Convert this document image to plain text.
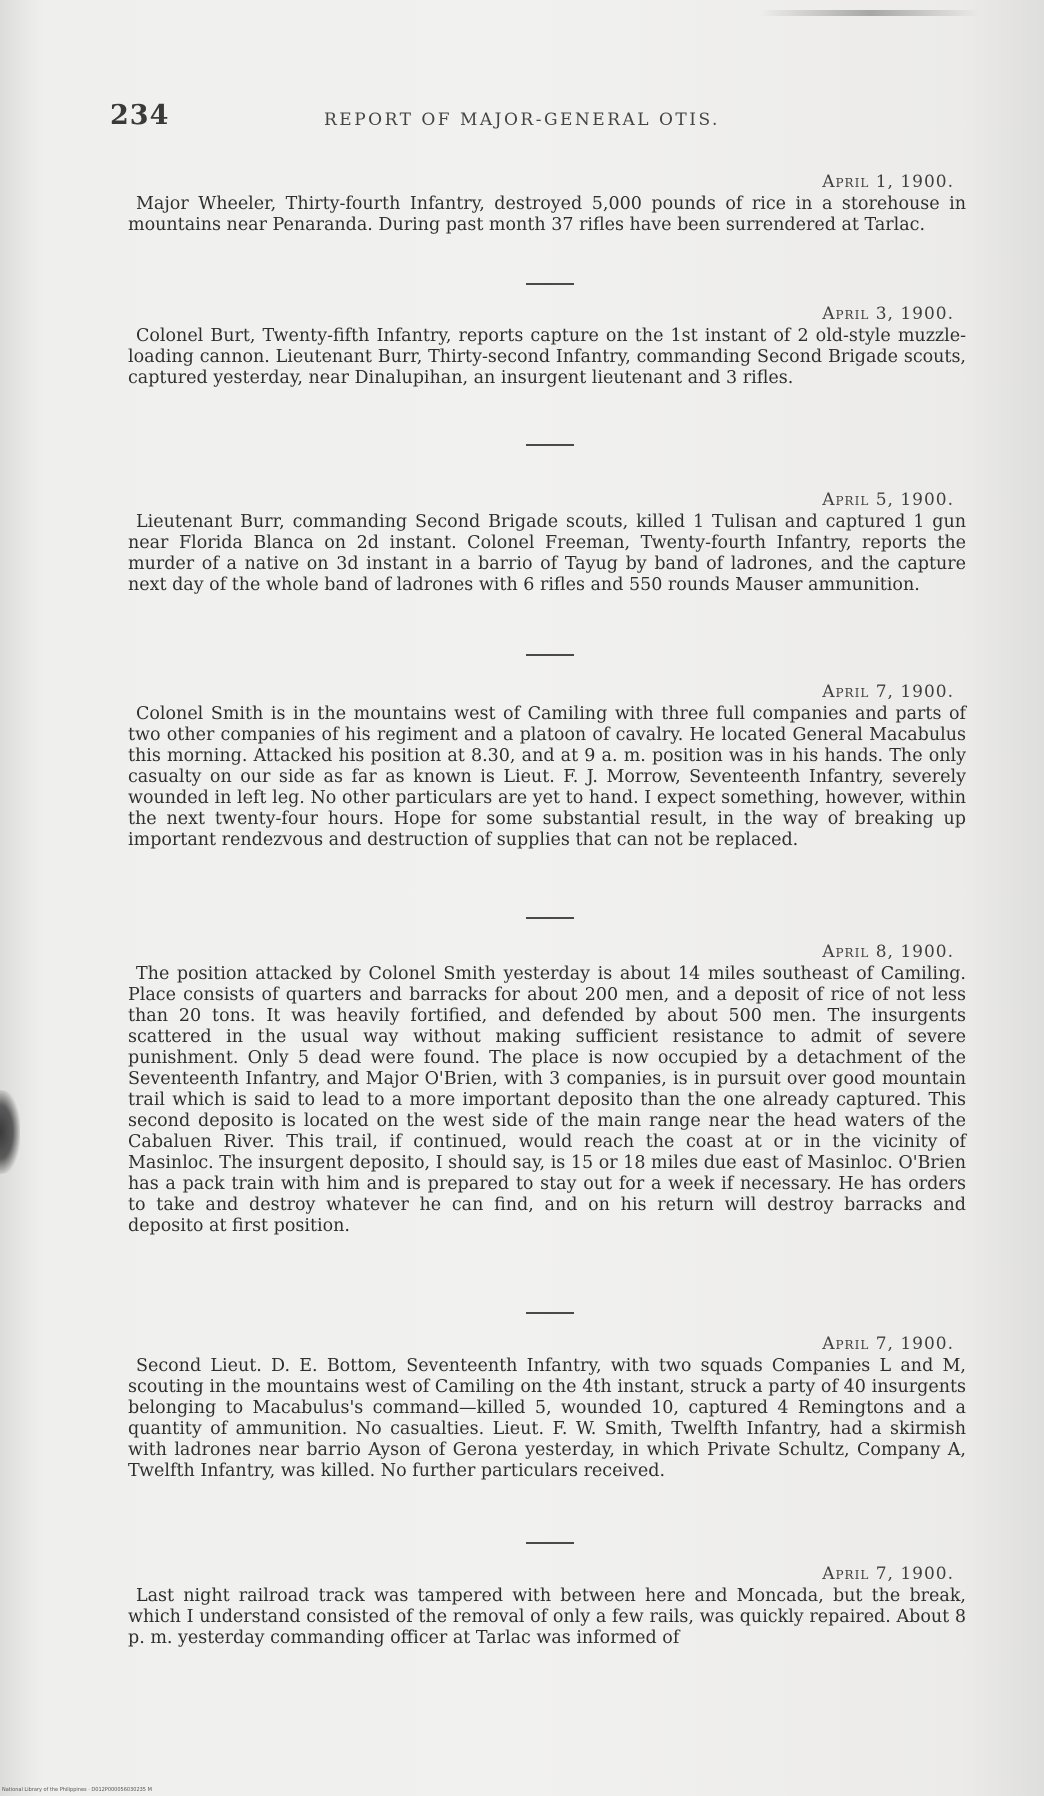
234	REPORT OF MAJOR-GENERAL OTIS.
April 1, 1900.

Major Wheeler, Thirty-fourth Infantry, destroyed 5,000 pounds of rice in a storehouse in mountains near Penaranda. During past month 37 rifles have been surrendered at Tarlac.

April 3, 1900.

Colonel Burt, Twenty-fifth Infantry, reports capture on the 1st instant of 2 old-style muzzle-loading cannon. Lieutenant Burr, Thirty-second Infantry, commanding Second Brigade scouts, captured yesterday, near Dinalupihan, an insurgent lieutenant and 3 rifles.

April 5, 1900.

Lieutenant Burr, commanding Second Brigade scouts, killed 1 Tulisan and captured 1 gun near Florida Blanca on 2d instant. Colonel Freeman, Twenty-fourth Infantry, reports the murder of a native on 3d instant in a barrio of Tayug by band of ladrones, and the capture next day of the whole band of ladrones with 6 rifles and 550 rounds Mauser ammunition.

April 7, 1900.

Colonel Smith is in the mountains west of Camiling with three full companies and parts of two other companies of his regiment and a platoon of cavalry. He located General Macabulus this morning. Attacked his position at 8.30, and at 9 a. m. position was in his hands. The only casualty on our side as far as known is Lieut. F. J. Morrow, Seventeenth Infantry, severely wounded in left leg. No other particulars are yet to hand. I expect something, however, within the next twenty-four hours. Hope for some substantial result, in the way of breaking up important rendezvous and destruction of supplies that can not be replaced.

April 8, 1900.

The position attacked by Colonel Smith yesterday is about 14 miles southeast of Camiling. Place consists of quarters and barracks for about 200 men, and a deposit of rice of not less than 20 tons. It was heavily fortified, and defended by about 500 men. The insurgents scattered in the usual way without making sufficient resistance to admit of severe punishment. Only 5 dead were found. The place is now occupied by a detachment of the Seventeenth Infantry, and Major O'Brien, with 3 companies, is in pursuit over good mountain trail which is said to lead to a more important deposito than the one already captured. This second deposito is located on the west side of the main range near the head waters of the Cabaluen River. This trail, if continued, would reach the coast at or in the vicinity of Masinloc. The insurgent deposito, I should say, is 15 or 18 miles due east of Masinloc. O'Brien has a pack train with him and is prepared to stay out for a week if necessary. He has orders to take and destroy whatever he can find, and on his return will destroy barracks and deposito at first position.

April 7, 1900.

Second Lieut. D. E. Bottom, Seventeenth Infantry, with two squads Companies L and M, scouting in the mountains west of Camiling on the 4th instant, struck a party of 40 insurgents belonging to Macabulus's command—killed 5, wounded 10, captured 4 Remingtons and a quantity of ammunition. No casualties. Lieut. F. W. Smith, Twelfth Infantry, had a skirmish with ladrones near barrio Ayson of Gerona yesterday, in which Private Schultz, Company A, Twelfth Infantry, was killed. No further particulars received.

April 7, 1900.

Last night railroad track was tampered with between here and Moncada, but the break, which I understand consisted of the removal of only a few rails, was quickly repaired. About 8 p. m. yesterday commanding officer at Tarlac was informed of

National Library of the Philippines · D012P000056030235 M
